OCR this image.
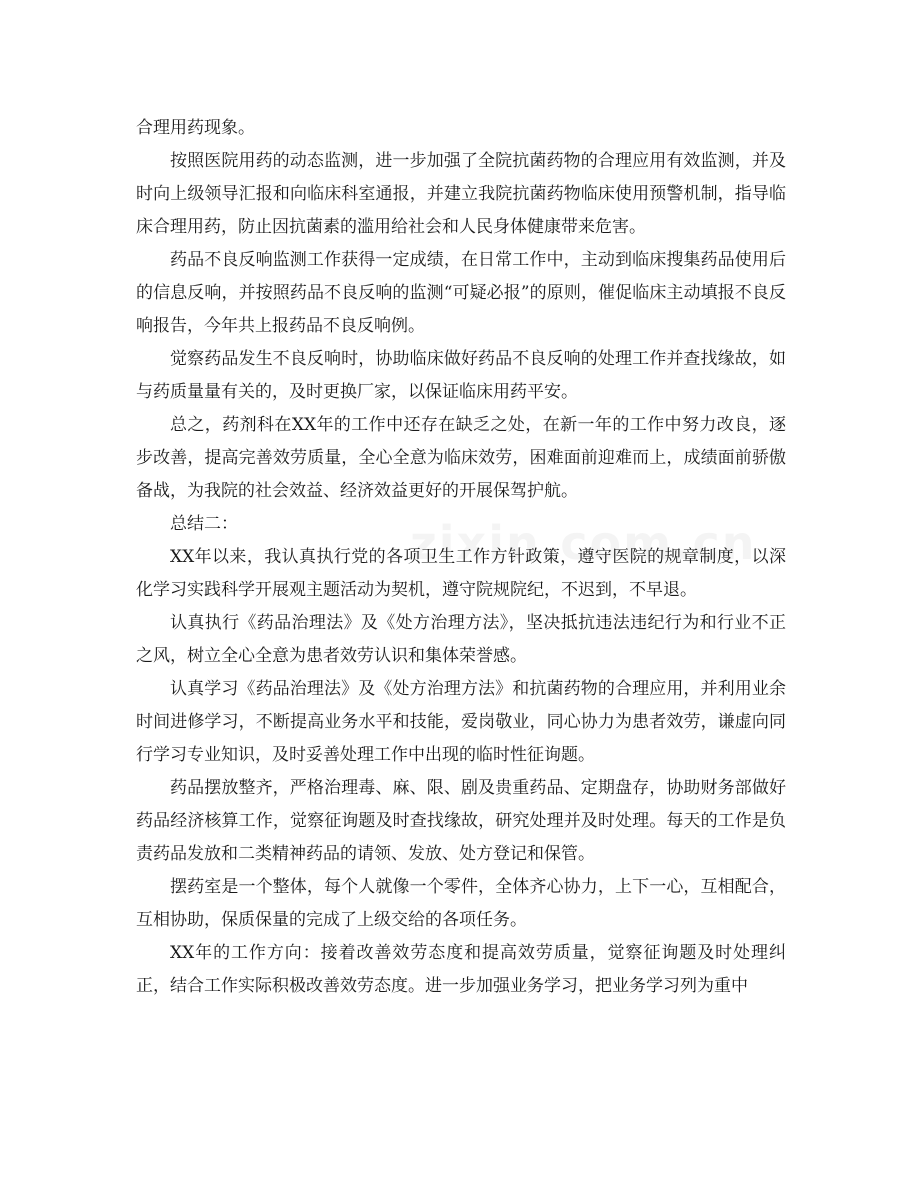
合理用药现象。

按照医院用药的动态监测，进一步加强了全院抗菌药物的合理应用有效监测，并及时向上级领导汇报和向临床科室通报，并建立我院抗菌药物临床使用预警机制，指导临床合理用药，防止因抗菌素的滥用给社会和人民身体健康带来危害。

药品不良反响监测工作获得一定成绩，在日常工作中，主动到临床搜集药品使用后的信息反响，并按照药品不良反响的监测“可疑必报”的原则，催促临床主动填报不良反响报告，今年共上报药品不良反响例。

觉察药品发生不良反响时，协助临床做好药品不良反响的处理工作并查找缘故，如与药质量量有关的，及时更换厂家，以保证临床用药平安。

总之，药剂科在XX年的工作中还存在缺乏之处，在新一年的工作中努力改良，逐步改善，提高完善效劳质量，全心全意为临床效劳，困难面前迎难而上，成绩面前骄傲备战，为我院的社会效益、经济效益更好的开展保驾护航。

总结二：

XX年以来，我认真执行党的各项卫生工作方针政策，遵守医院的规章制度，以深化学习实践科学开展观主题活动为契机，遵守院规院纪，不迟到，不早退。

认真执行《药品治理法》及《处方治理方法》，坚决抵抗违法违纪行为和行业不正之风，树立全心全意为患者效劳认识和集体荣誉感。

认真学习《药品治理法》及《处方治理方法》和抗菌药物的合理应用，并利用业余时间进修学习，不断提高业务水平和技能，爱岗敬业，同心协力为患者效劳，谦虚向同行学习专业知识，及时妥善处理工作中出现的临时性征询题。

药品摆放整齐，严格治理毒、麻、限、剧及贵重药品、定期盘存，协助财务部做好药品经济核算工作，觉察征询题及时查找缘故，研究处理并及时处理。每天的工作是负责药品发放和二类精神药品的请领、发放、处方登记和保管。

摆药室是一个整体，每个人就像一个零件，全体齐心协力，上下一心，互相配合，互相协助，保质保量的完成了上级交给的各项任务。

XX年的工作方向：接着改善效劳态度和提高效劳质量，觉察征询题及时处理纠正，结合工作实际积极改善效劳态度。进一步加强业务学习，把业务学习列为重中
